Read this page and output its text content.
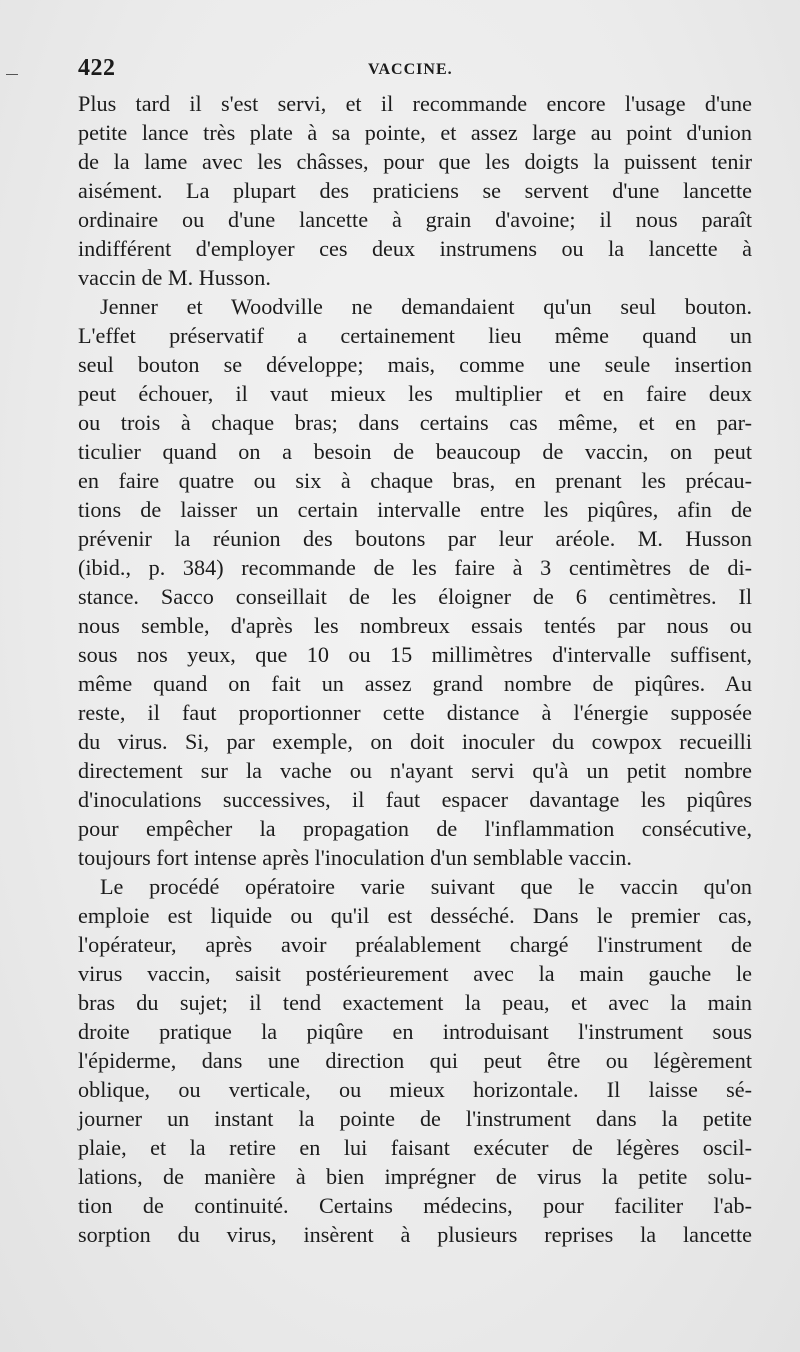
422	VACCINE.
Plus tard il s'est servi, et il recommande encore l'usage d'une
petite lance très plate à sa pointe, et assez large au point d'union
de la lame avec les châsses, pour que les doigts la puissent tenir
aisément. La plupart des praticiens se servent d'une lancette
ordinaire ou d'une lancette à grain d'avoine; il nous paraît
indifférent d'employer ces deux instrumens ou la lancette à
vaccin de M. Husson.
Jenner et Woodville ne demandaient qu'un seul bouton.
L'effet préservatif a certainement lieu même quand un
seul bouton se développe; mais, comme une seule insertion
peut échouer, il vaut mieux les multiplier et en faire deux
ou trois à chaque bras; dans certains cas même, et en par-
ticulier quand on a besoin de beaucoup de vaccin, on peut
en faire quatre ou six à chaque bras, en prenant les précau-
tions de laisser un certain intervalle entre les piqûres, afin de
prévenir la réunion des boutons par leur aréole. M. Husson
(ibid., p. 384) recommande de les faire à 3 centimètres de di-
stance. Sacco conseillait de les éloigner de 6 centimètres. Il
nous semble, d'après les nombreux essais tentés par nous ou
sous nos yeux, que 10 ou 15 millimètres d'intervalle suffisent,
même quand on fait un assez grand nombre de piqûres. Au
reste, il faut proportionner cette distance à l'énergie supposée
du virus. Si, par exemple, on doit inoculer du cowpox recueilli
directement sur la vache ou n'ayant servi qu'à un petit nombre
d'inoculations successives, il faut espacer davantage les piqûres
pour empêcher la propagation de l'inflammation consécutive,
toujours fort intense après l'inoculation d'un semblable vaccin.
Le procédé opératoire varie suivant que le vaccin qu'on
emploie est liquide ou qu'il est desséché. Dans le premier cas,
l'opérateur, après avoir préalablement chargé l'instrument de
virus vaccin, saisit postérieurement avec la main gauche le
bras du sujet; il tend exactement la peau, et avec la main
droite pratique la piqûre en introduisant l'instrument sous
l'épiderme, dans une direction qui peut être ou légèrement
oblique, ou verticale, ou mieux horizontale. Il laisse sé-
journer un instant la pointe de l'instrument dans la petite
plaie, et la retire en lui faisant exécuter de légères oscil-
lations, de manière à bien imprégner de virus la petite solu-
tion de continuité. Certains médecins, pour faciliter l'ab-
sorption du virus, insèrent à plusieurs reprises la lancette
